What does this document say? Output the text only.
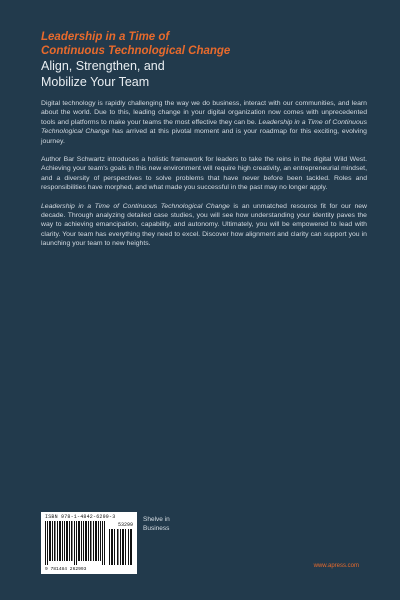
Leadership in a Time of

Continuous Technological Change

Align, Strengthen, and

Mobilize Your Team

Digital technology is rapidly challenging the way we do business, interact with our communities, and learn about the world. Due to this, leading change in your digital organization now comes with unprecedented tools and platforms to make your teams the most effective they can be. Leadership in a Time of Continuous Technological Change has arrived at this pivotal moment and is your roadmap for this exciting, evolving journey.

Author Bar Schwartz introduces a holistic framework for leaders to take the reins in the digital Wild West. Achieving your team's goals in this new environment will require high creativity, an entrepreneurial mindset, and a diversity of perspectives to solve problems that have never before been tackled. Roles and responsibilities have morphed, and what made you successful in the past may no longer apply.

Leadership in a Time of Continuous Technological Change is an unmatched resource fit for our new decade. Through analyzing detailed case studies, you will see how understanding your identity paves the way to achieving emancipation, capability, and autonomy. Ultimately, you will be empowered to lead with clarity. Your team has everything they need to excel. Discover how alignment and clarity can support you in launching your team to new heights.

ISBN 978-1-4842-6299-3
53299
9 781484 262993
Shelve in
Business
www.apress.com
